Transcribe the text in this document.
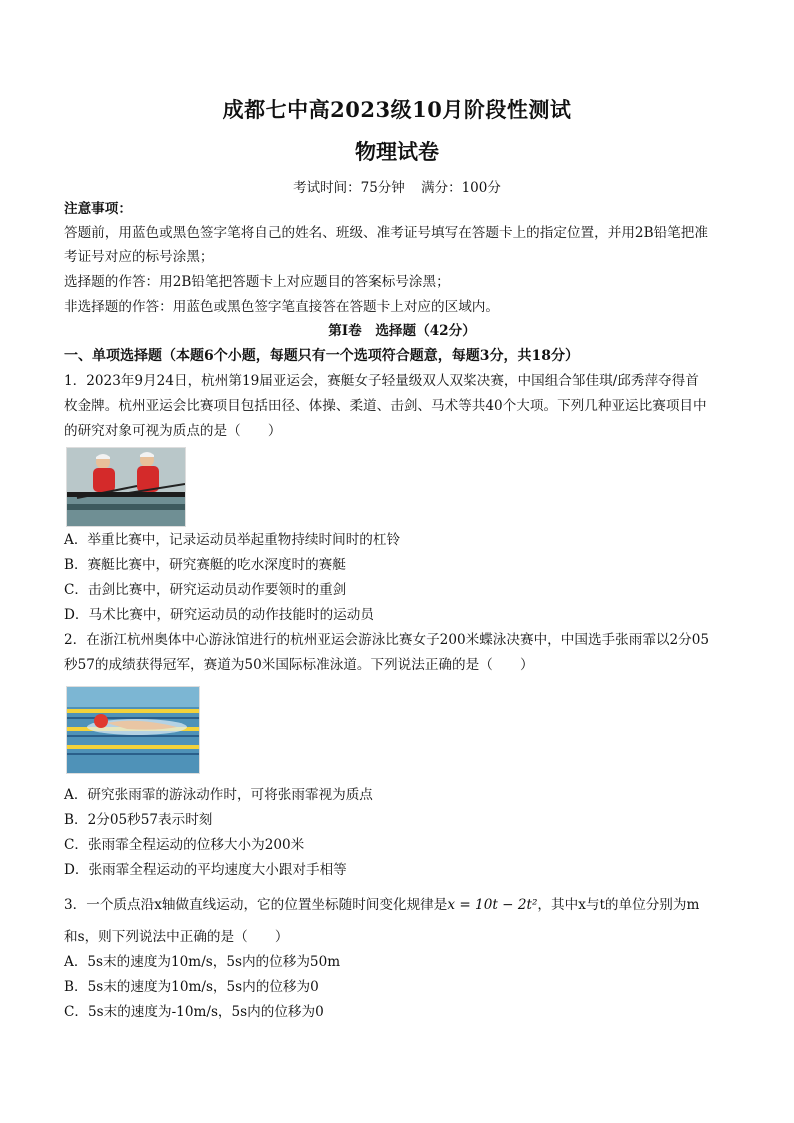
成都七中高2023级10月阶段性测试
物理试卷
考试时间：75分钟 满分：100分
注意事项：
答题前，用蓝色或黑色签字笔将自己的姓名、班级、准考证号填写在答题卡上的指定位置，并用2B铅笔把准
考证号对应的标号涂黑；
选择题的作答：用2B铅笔把答题卡上对应题目的答案标号涂黑；
非选择题的作答：用蓝色或黑色签字笔直接答在答题卡上对应的区域内。
第Ⅰ卷　选择题（42分）
一、单项选择题（本题6个小题，每题只有一个选项符合题意，每题3分，共18分）
1．2023年9月24日，杭州第19届亚运会，赛艇女子轻量级双人双桨决赛，中国组合邹佳琪/邱秀萍夺得首
枚金牌。杭州亚运会比赛项目包括田径、体操、柔道、击剑、马术等共40个大项。下列几种亚运比赛项目中
的研究对象可视为质点的是（　　）
A．举重比赛中，记录运动员举起重物持续时间时的杠铃
B．赛艇比赛中，研究赛艇的吃水深度时的赛艇
C．击剑比赛中，研究运动员动作要领时的重剑
D．马术比赛中，研究运动员的动作技能时的运动员
2．在浙江杭州奥体中心游泳馆进行的杭州亚运会游泳比赛女子200米蝶泳决赛中，中国选手张雨霏以2分05
秒57的成绩获得冠军，赛道为50米国际标准泳道。下列说法正确的是（　　）
A．研究张雨霏的游泳动作时，可将张雨霏视为质点
B．2分05秒57表示时刻
C．张雨霏全程运动的位移大小为200米
D．张雨霏全程运动的平均速度大小跟对手相等
3．一个质点沿x轴做直线运动，它的位置坐标随时间变化规律是x = 10t − 2t²，其中x与t的单位分别为m
和s，则下列说法中正确的是（　　）
A．5s末的速度为10m/s，5s内的位移为50m
B．5s末的速度为10m/s，5s内的位移为0
C．5s末的速度为-10m/s，5s内的位移为0
